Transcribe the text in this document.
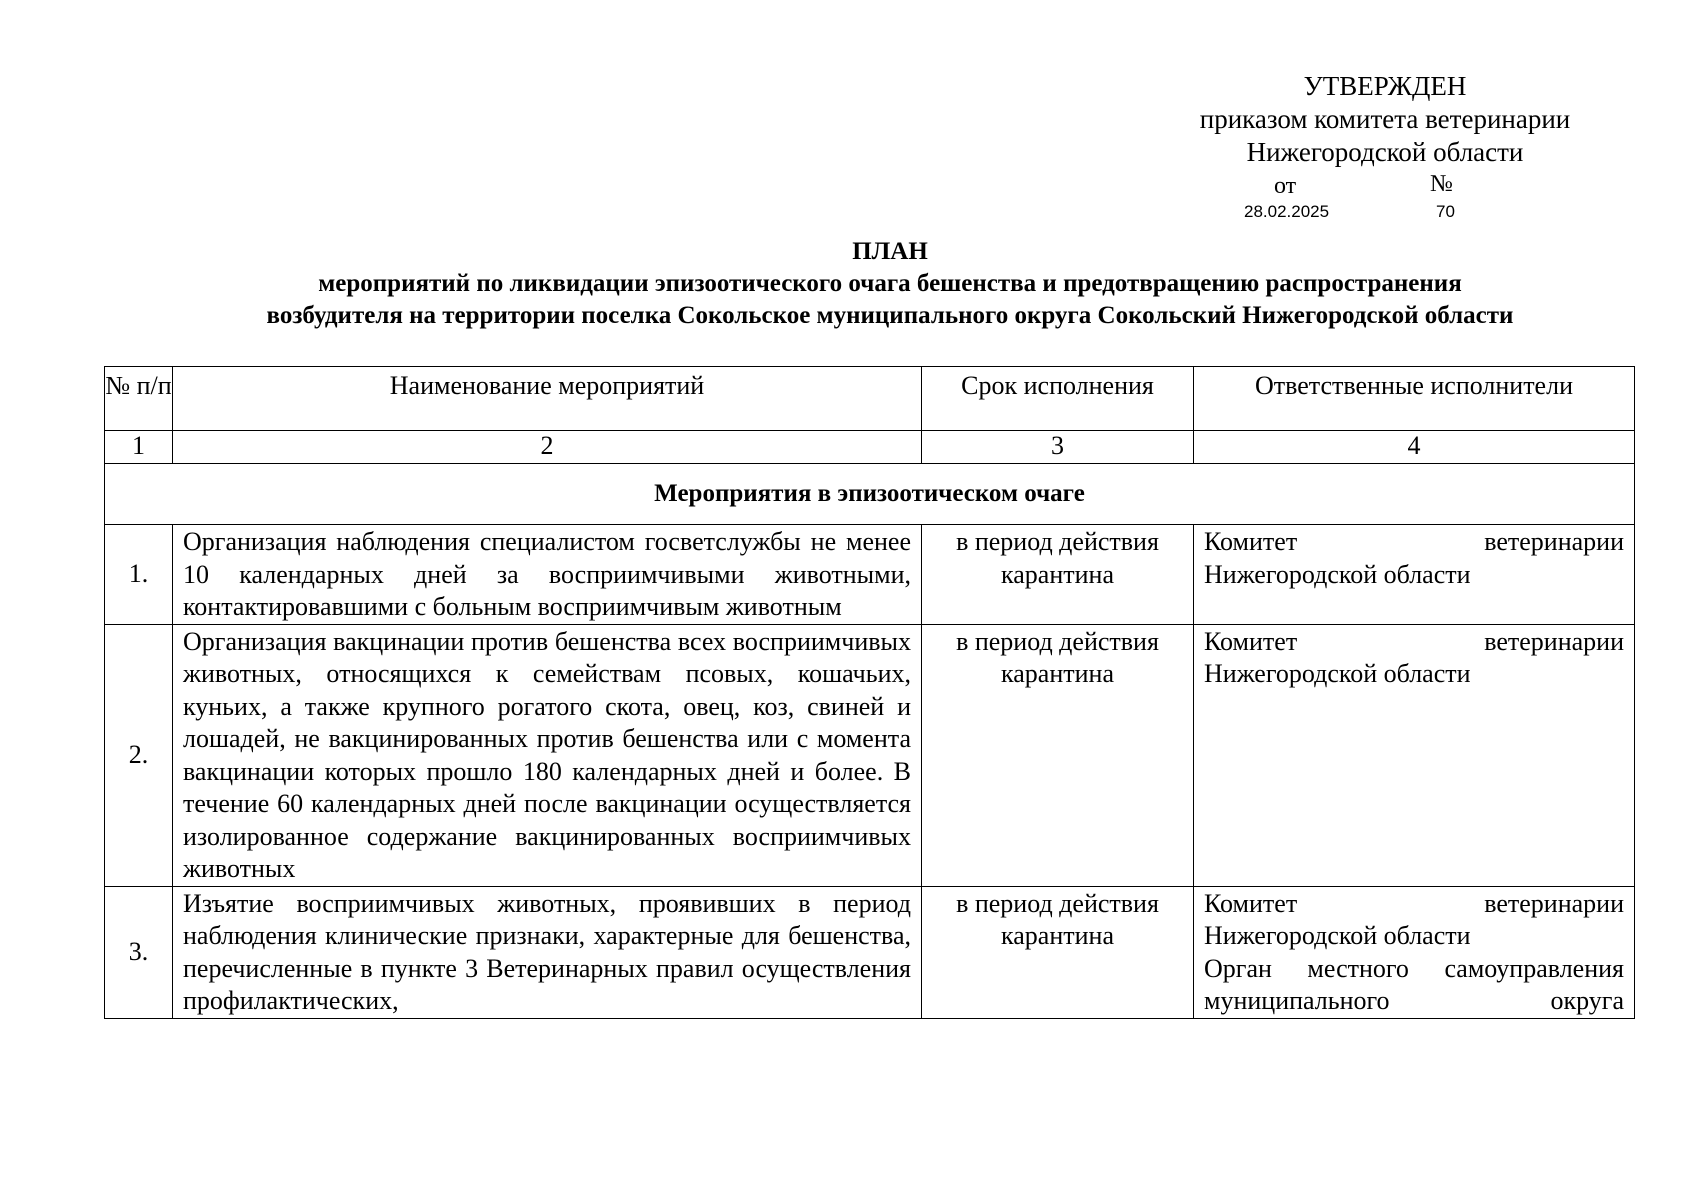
УТВЕРЖДЕН
приказом комитета ветеринарии
Нижегородской области
от	№
28.02.2025	70
ПЛАН
мероприятий по ликвидации эпизоотического очага бешенства и предотвращению распространения
возбудителя на территории поселка Сокольское муниципального округа Сокольский Нижегородской области
№ п/п	Наименование мероприятий	Срок исполнения	Ответственные исполнители
1	2	3	4
Мероприятия в эпизоотическом очаге			
1.	Организация наблюдения специалистом госветслужбы не менее 10 календарных дней за восприимчивыми животными, контактировавшими с больным восприимчивым животным	в период действия карантина	Комитет ветеринарии
Нижегородской области

2.	Организация вакцинации против бешенства всех восприимчивых животных, относящихся к семействам псовых, кошачьих, куньих, а также крупного рогатого скота, овец, коз, свиней и лошадей, не вакцинированных против бешенства или с момента вакцинации которых прошло 180 календарных дней и более. В течение 60 календарных дней после вакцинации осуществляется изолированное содержание вакцинированных восприимчивых животных	в период действия карантина	Комитет ветеринарии
Нижегородской области

3.	Изъятие восприимчивых животных, проявивших в период наблюдения клинические признаки, характерные для бешенства, перечисленные в пункте 3 Ветеринарных правил осуществления профилактических,	в период действия карантина	Комитет ветеринарии
Нижегородской области
Орган местного самоуправления
муниципального округа
